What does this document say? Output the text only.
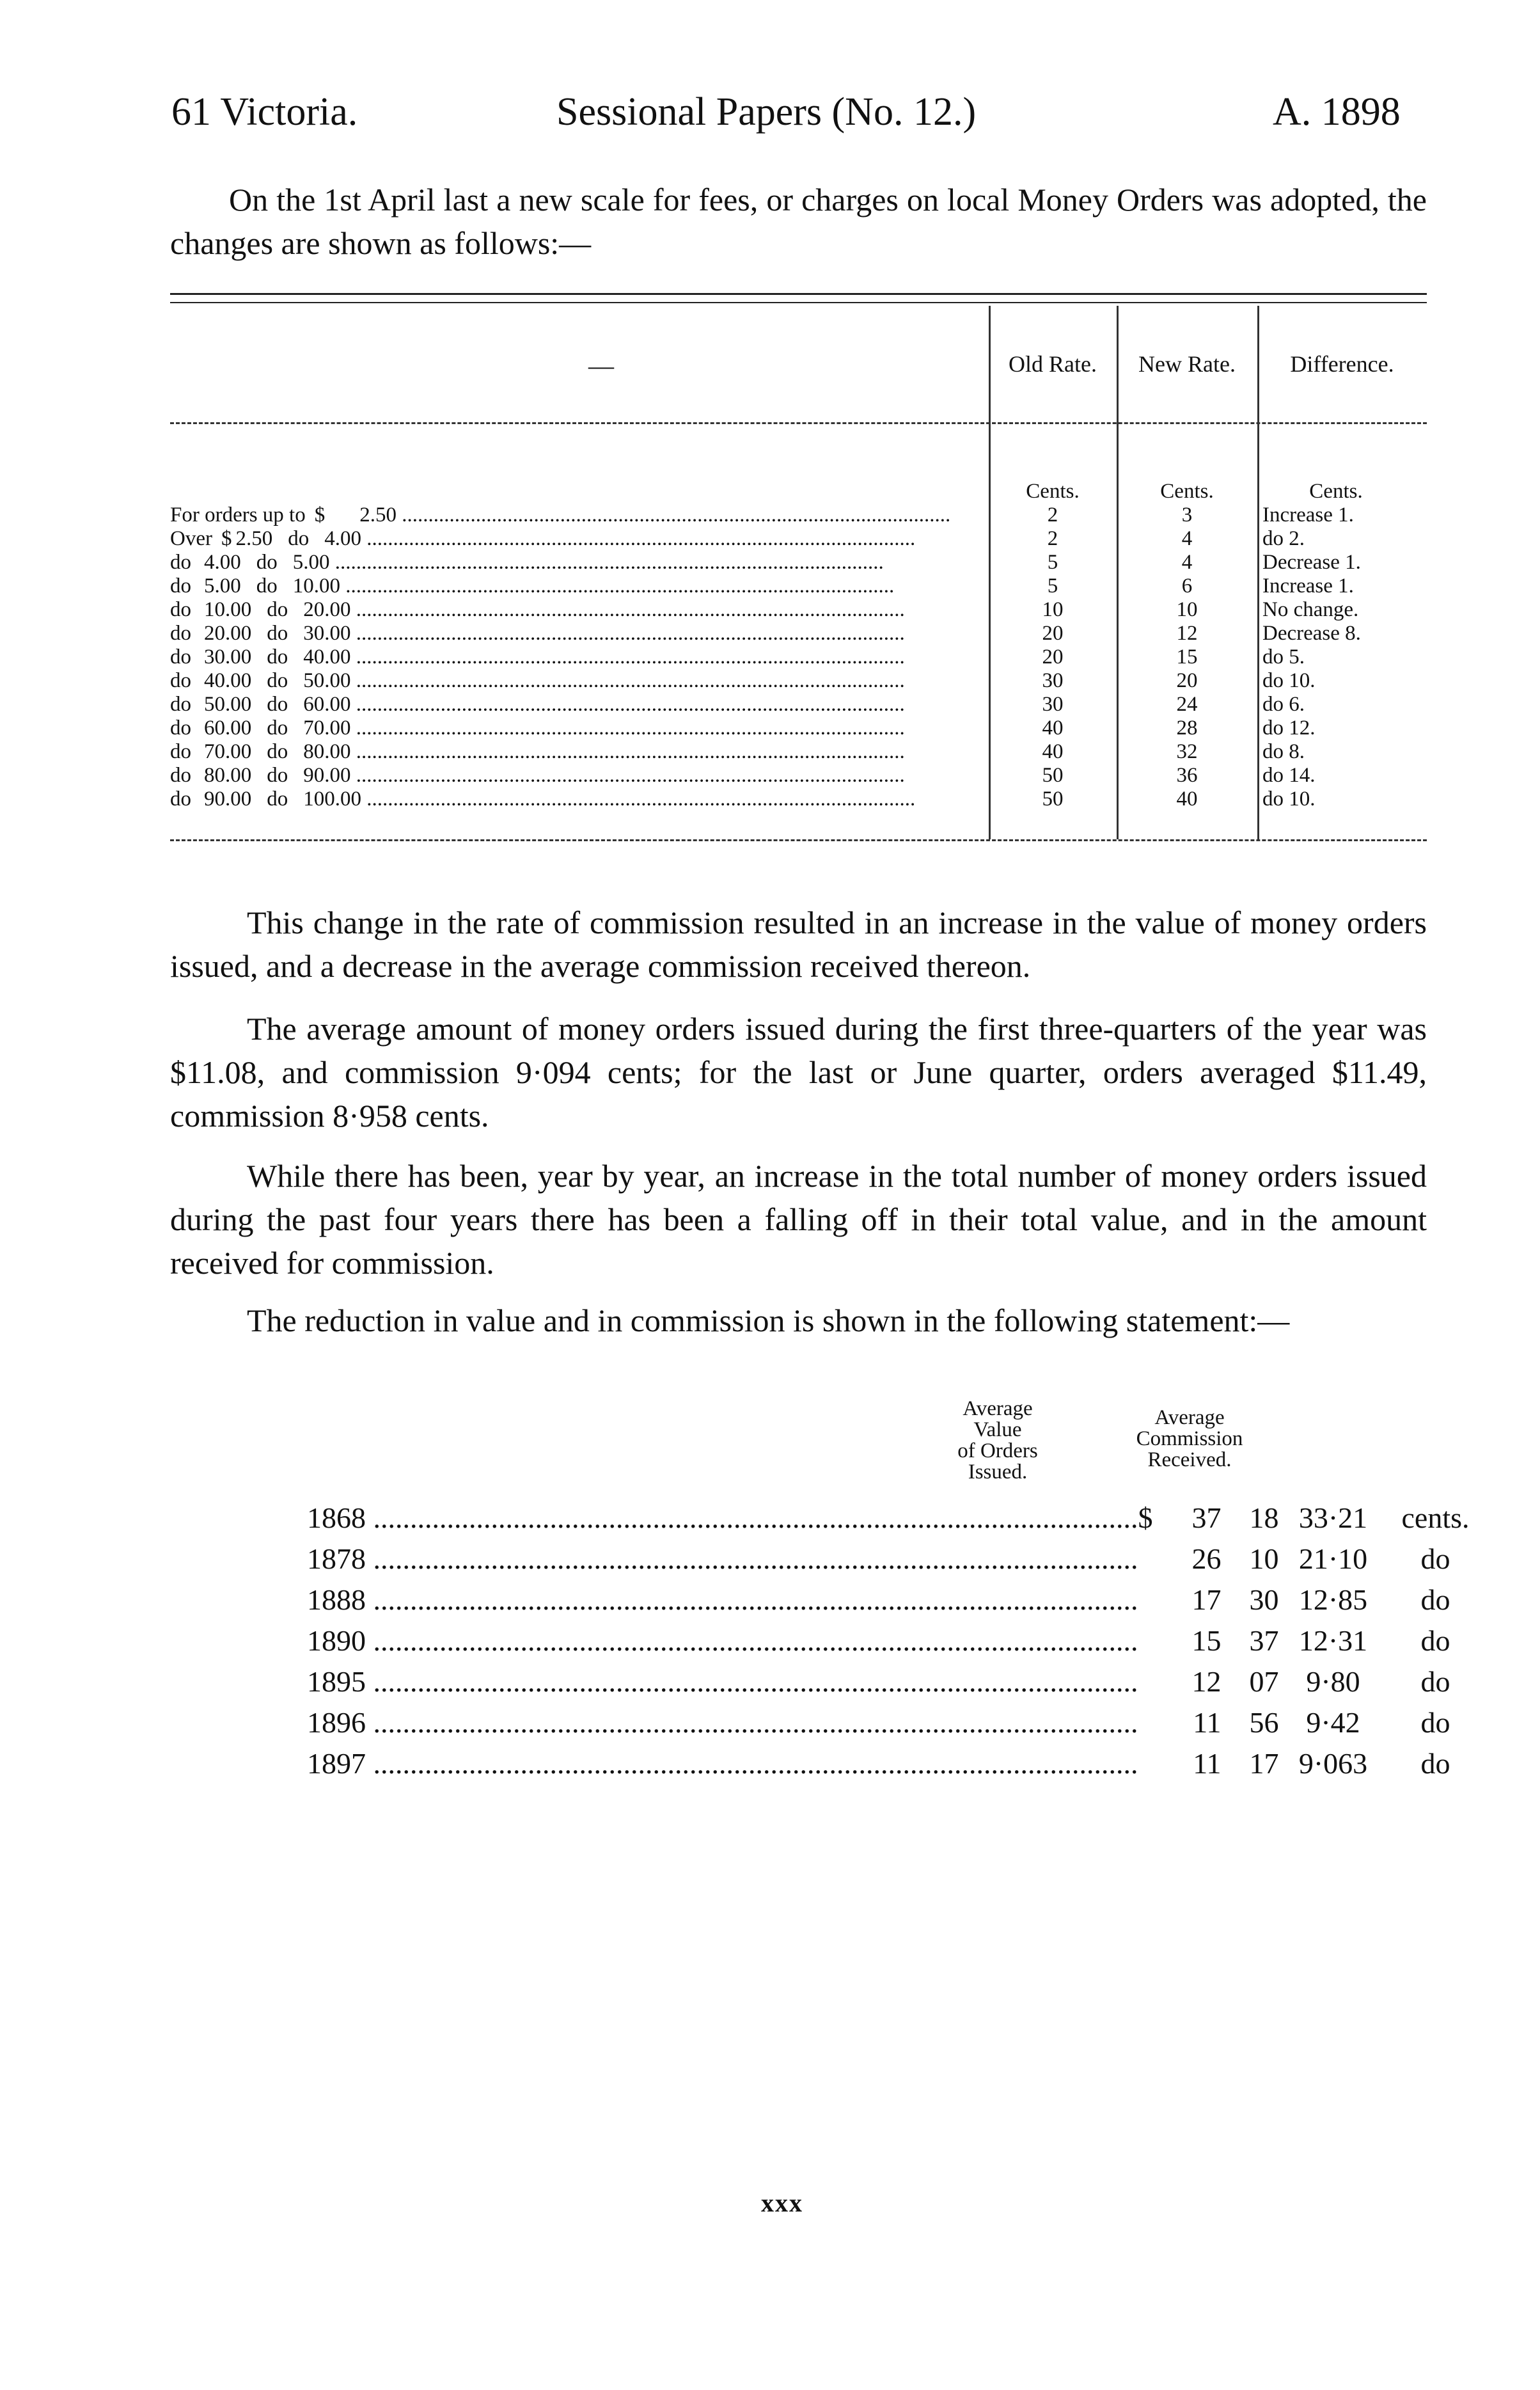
61 Victoria.	Sessional Papers (No. 12.)	A. 1898
On the 1st April last a new scale for fees, or charges on local Money Orders was adopted, the changes are shown as follows:—
—	Old Rate.	New Rate.	Difference.
	Cents.	Cents.	Cents.
For orders up to $ 2.50 .....	2	3	Increase 1.
Over $ 2.50 do 4.00 .....	2	4	do 2.
do 4.00 do 5.00 .....	5	4	Decrease 1.
do 5.00 do 10.00 .....	5	6	Increase 1.
do 10.00 do 20.00 .....	10	10	No change.
do 20.00 do 30.00 .....	20	12	Decrease 8.
do 30.00 do 40.00 .....	20	15	do 5.
do 40.00 do 50.00 .....	30	20	do 10.
do 50.00 do 60.00 .....	30	24	do 6.
do 60.00 do 70.00 .....	40	28	do 12.
do 70.00 do 80.00 .....	40	32	do 8.
do 80.00 do 90.00 .....	50	36	do 14.
do 90.00 do 100.00 .....	50	40	do 10.
This change in the rate of commission resulted in an increase in the value of money orders issued, and a decrease in the average commission received thereon.
The average amount of money orders issued during the first three-quarters of the year was $11.08, and commission 9·094 cents; for the last or June quarter, orders averaged $11.49, commission 8·958 cents.
While there has been, year by year, an increase in the total number of money orders issued during the past four years there has been a falling off in their total value, and in the amount received for commission.
The reduction in value and in commission is shown in the following statement:—
Average
Value
of Orders
Issued.
Average
Commission
Received.
1868 .....	$	37	18	33·21	cents.
1878 .....		26	10	21·10	do
1888 .....		17	30	12·85	do
1890 .....		15	37	12·31	do
1895 .....		12	07	9·80	do
1896 .....		11	56	9·42	do
1897 .....		11	17	9·063	do
xxx
